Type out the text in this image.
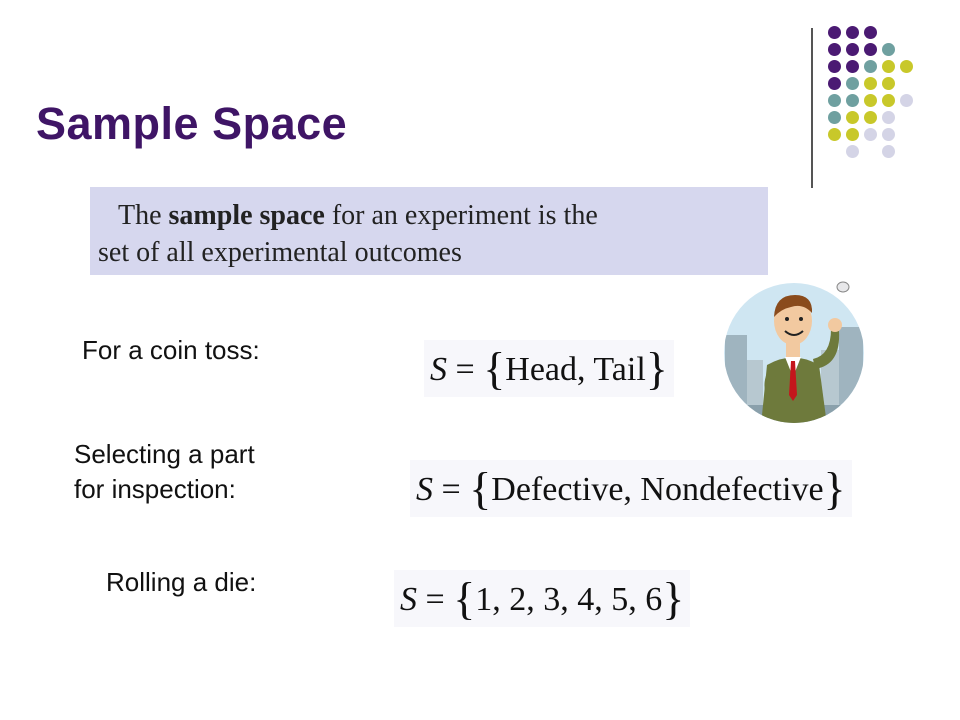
Sample Space
The sample space for an experiment is the
set of all experimental outcomes
For a coin toss:
S = {Head, Tail}
Selecting a part
for inspection:	S = {Defective, Nondefective}
Rolling a die:	S = {1, 2, 3, 4, 5, 6}
